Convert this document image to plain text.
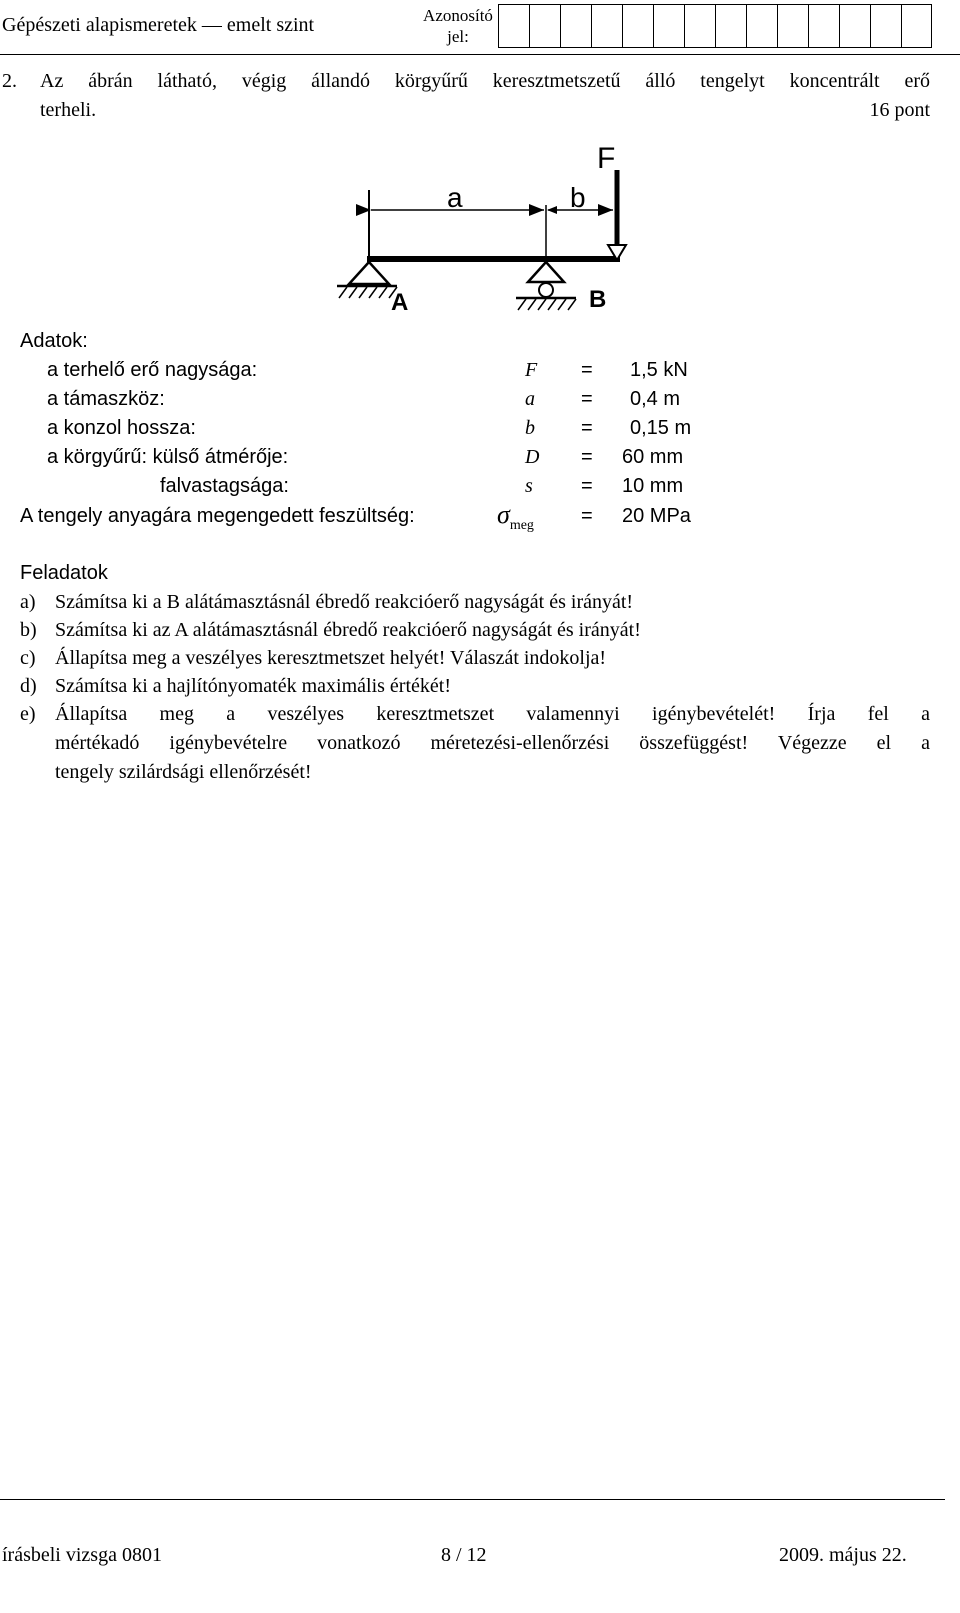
Gépészeti alapismeretek — emelt szint	Azonosító
jel:
2. Az ábrán látható, végig állandó körgyűrű keresztmetszetű álló tengelyt koncentrált erő
terheli.	16 pont
F
a	b
A	B
Adatok:
a terhelő erő nagysága:	F = 1,5 kN
a támaszköz:	a = 0,4 m
a konzol hossza:	b = 0,15 m
a körgyűrű: külső átmérője:	D = 60 mm
falvastagsága:	s = 10 mm
A tengely anyagára megengedett feszültség:	$\sigma_{meg} = 20$ MPa
Feladatok
a) Számítsa ki a B alátámasztásnál ébredő reakcióerő nagyságát és irányát!
b) Számítsa ki az A alátámasztásnál ébredő reakcióerő nagyságát és irányát!
c) Állapítsa meg a veszélyes keresztmetszet helyét! Válaszát indokolja!
d) Számítsa ki a hajlítónyomaték maximális értékét!
e) Állapítsa meg a veszélyes keresztmetszet valamennyi igénybevételét! Írja fel a
mértékadó igénybevételre vonatkozó méretezési-ellenőrzési összefüggést! Végezze el a
tengely szilárdsági ellenőrzését!
írásbeli vizsga 0801	8 / 12	2009. május 22.
